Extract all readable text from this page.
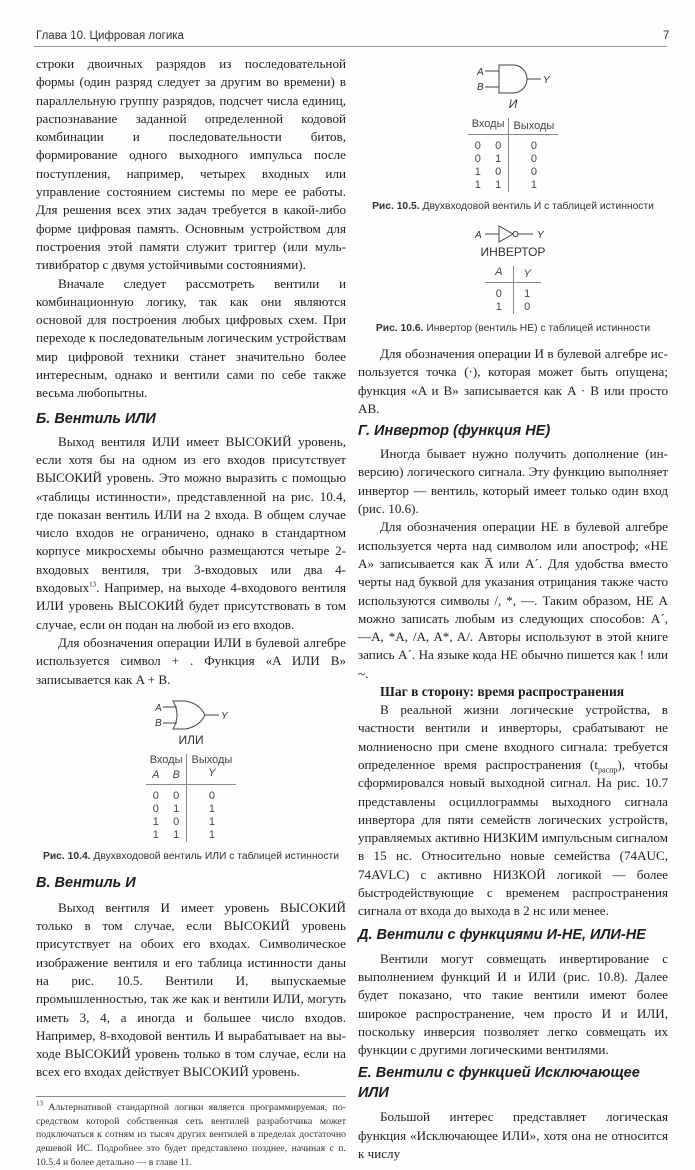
Глава 10. Цифровая логика	7

строки двоичных разрядов из последовательной формы (один разряд следует за другим во времени) в параллельную группу разрядов, подсчет числа единиц, распознавание заданной определенной кодовой комбинации и последовательности битов, формирование одного выходного импульса после поступления, например, четырех входных или управление состоянием системы по мере ее работы. Для решения всех этих задач требуется в какой-либо форме цифровая память. Основным устройством для построения этой памяти служит триггер (или мультивибратор с двумя устойчивыми состояниями).

Вначале следует рассмотреть вентили и комбинационную логику, так как они являются основой для построения любых цифровых схем. При переходе к последовательным логическим устройствам мир цифровой техники станет значительно более интересным, однако и вентили сами по себе также весьма любопытны.

Б. Вентиль ИЛИ

Выход вентиля ИЛИ имеет ВЫСОКИЙ уровень, если хотя бы на одном из его входов присутствует ВЫСОКИЙ уровень. Это можно выразить с помощью «таблицы истинности», представленной на рис. 10.4, где показан вентиль ИЛИ на 2 входа. В общем случае число входов не ограничено, однако в стандартном корпусе микросхемы обычно размещаются четыре 2-входовых вентиля, три 3-входовых или два 4-входовых$^{13}$. Например, на выходе 4-входового вентиля ИЛИ уровень ВЫСОКИЙ будет присутствовать в том случае, если он подан на любой из его входов.

Для обозначения операции ИЛИ в булевой алгебре используется символ + . Функция «A ИЛИ B» записывается как A + B.

A
B
Y
ИЛИ
Входы		Выходы
A	B	Y
0	0	0
0	1	1
1	0	1
1	1	1
Рис. 10.4. Двухвходовой вентиль ИЛИ с таблицей истинности
В. Вентиль И

Выход вентиля И имеет уровень ВЫСОКИЙ только в том случае, если ВЫСОКИЙ уровень присутствует на обоих его входах. Символическое изображение вентиля и его таблица истинности даны на рис. 10.5. Вентили И, выпускаемые промышленностью, так же как и вентили ИЛИ, могуть иметь 3, 4, а иногда и большее число входов. Например, 8-входовой вентиль И вырабатывает на выходе ВЫСОКИЙ уровень только в том случае, если на всех его входах действует ВЫСОКИЙ уровень.

$^{13}$ Альтернативой стандартной логики является программируемая, посредством которой собственная сеть вентилей разработчика может подключаться к сотням из тысяч других вентилей в пределах достаточно дешевой ИС. Подробнее это будет представлено позднее, начиная с п. 10.5.4 и более детально — в главе 11.
A
B
Y
И
Входы		Выходы
0	0	0
0	1	0
1	0	0
1	1	1
Рис. 10.5. Двухвходовой вентиль И с таблицей истинности
A	Y
ИНВЕРТОР
A	Y
0	1
1	0
Рис. 10.6. Инвертор (вентиль НЕ) с таблицей истинности

Для обозначения операции И в булевой алгебре используется точка (·), которая может быть опущена; функция «A и B» записывается как A · B или просто AB.

Г. Инвертор (функция НЕ)

Иногда бывает нужно получить дополнение (инверсию) логического сигнала. Эту функцию выполняет инвертор — вентиль, который имеет только один вход (рис. 10.6).

Для обозначения операции НЕ в булевой алгебре используется черта над символом или апостроф; «НЕ A» записывается как A̅ или A´. Для удобства вместо черты над буквой для указания отрицания также часто используются символы /, *, —. Таким образом, НЕ A можно записать любым из следующих способов: A´, —A, *A, /A, A*, A/. Авторы используют в этой книге запись A´. На языке кода НЕ обычно пишется как ! или ~.

Шаг в сторону: время распространения

В реальной жизни логические устройства, в частности вентили и инверторы, срабатывают не молниеносно при смене входного сигнала: требуется определенное время распространения $(t_{распр})$, чтобы сформировался новый выходной сигнал. На рис. 10.7 представлены осциллограммы выходного сигнала инвертора для пяти семейств логических устройств, управляемых активно НИЗКИМ импульсным сигналом в 15 нс. Относительно новые семейства (74AUC, 74AVLC) с активно НИЗКОЙ логикой — более быстродействующие с временем распространения сигнала от входа до выхода в 2 нс или менее.

Д. Вентили с функциями И-НЕ, ИЛИ-НЕ

Вентили могут совмещать инвертирование с выполнением функций И и ИЛИ (рис. 10.8). Далее будет показано, что такие вентили имеют более широкое распространение, чем просто И и ИЛИ, поскольку инверсия позволяет легко совмещать их функции с другими логическими вентилями.

Е. Вентили с функцией Исключающее ИЛИ

Большой интерес представляет логическая функция «Исключающее ИЛИ», хотя она не относится к числу
